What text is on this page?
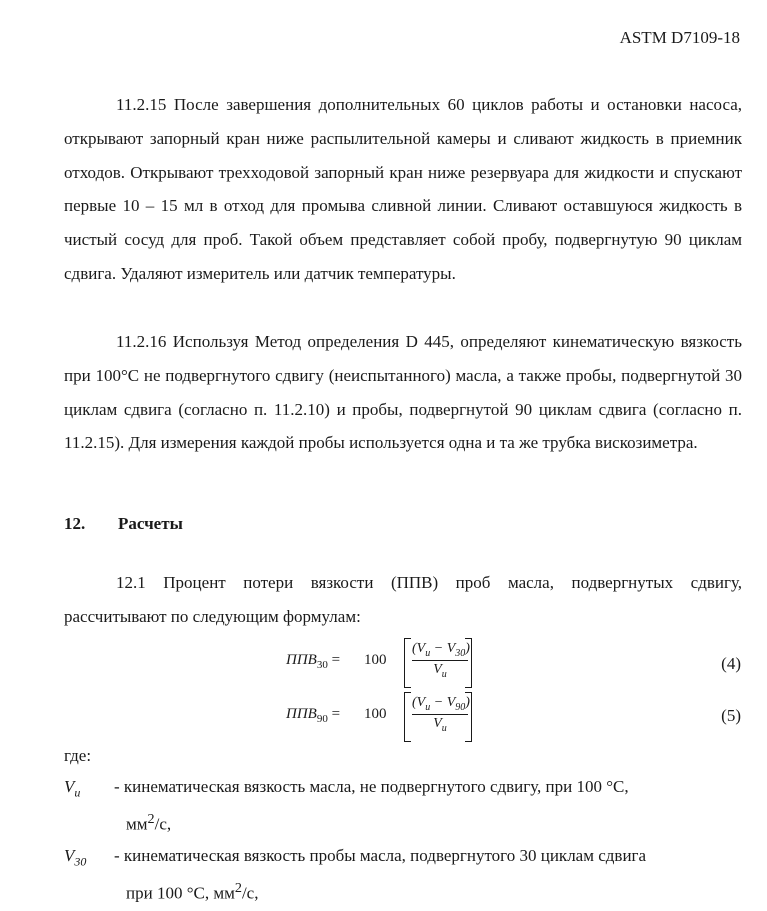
ASTM D7109-18

11.2.15 После завершения дополнительных 60 циклов работы и остановки насоса, открывают запорный кран ниже распылительной камеры и сливают жидкость в приемник отходов. Открывают трехходовой запорный кран ниже резервуара для жидкости и спускают первые 10 – 15 мл в отход для промыва сливной линии. Сливают оставшуюся жидкость в чистый сосуд для проб. Такой объем представляет собой пробу, подвергнутую 90 циклам сдвига. Удаляют измеритель или датчик температуры.

11.2.16 Используя Метод определения D 445, определяют кинематическую вязкость при 100°C не подвергнутого сдвигу (неиспытанного) масла, а также пробы, подвергнутой 30 циклам сдвига (согласно п. 11.2.10) и пробы, подвергнутой 90 циклам сдвига (согласно п. 11.2.15). Для измерения каждой пробы используется одна и та же трубка вискозиметра.

12. Расчеты

12.1 Процент потери вязкости (ППВ) проб масла, подвергнутых сдвигу, рассчитывают по следующим формулам:

$ППВ_{30} = 100 \frac{(V_u - V_{30})}{V_u}$	(4)
$ППВ_{90} = 100 \frac{(V_u - V_{90})}{V_u}$	(5)
где:
$V_u$ - кинематическая вязкость масла, не подвергнутого сдвигу, при 100 °C,
$мм^2/с$,
$V_{30}$ - кинематическая вязкость пробы масла, подвергнутого 30 циклам сдвига
при 100 °C, $мм^2/с$,
